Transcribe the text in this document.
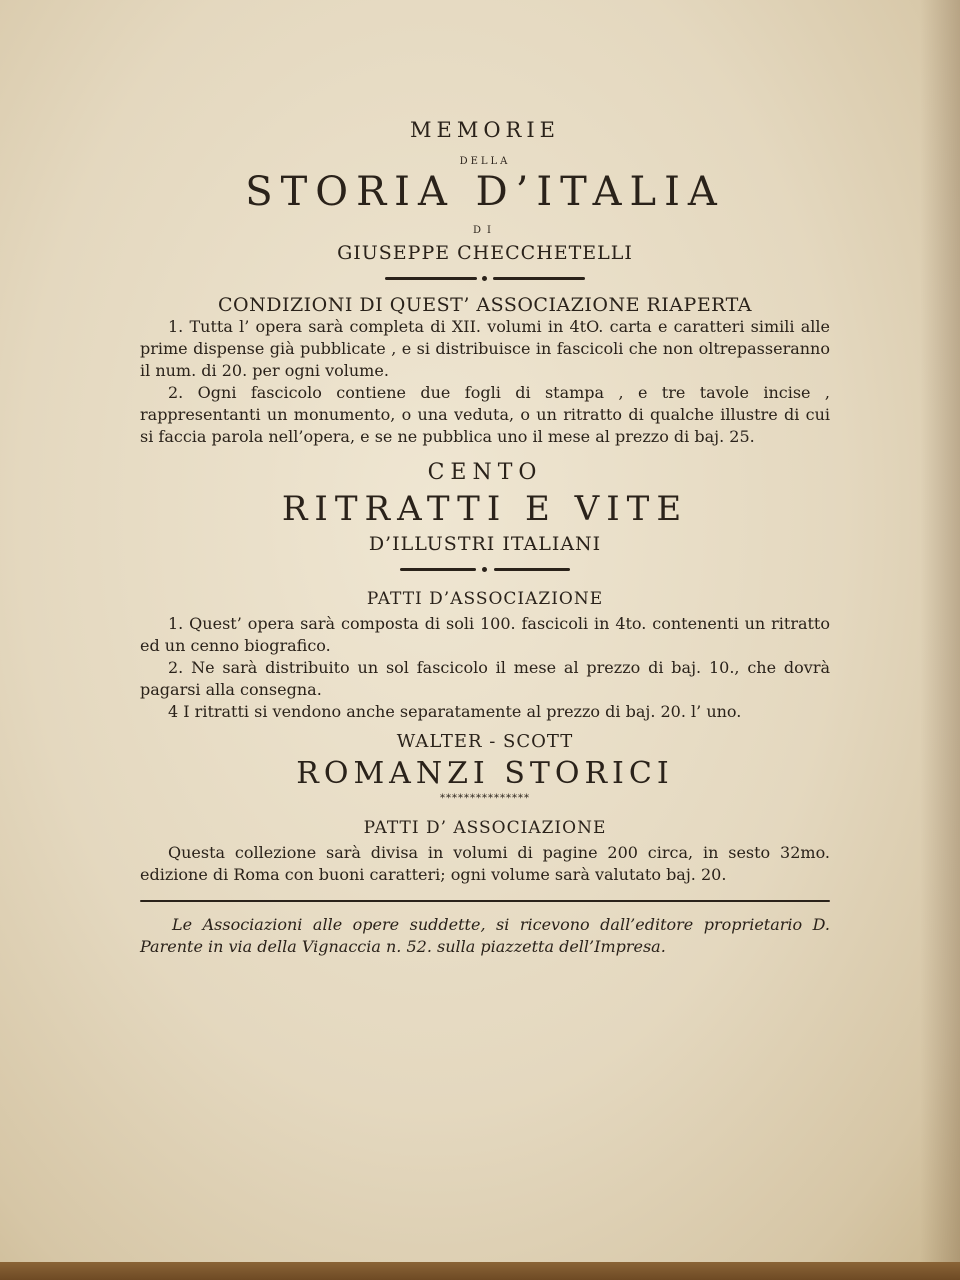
MEMORIE
DELLA
STORIA D’ITALIA
DI
GIUSEPPE CHECCHETELLI
CONDIZIONI DI QUEST’ ASSOCIAZIONE RIAPERTA

1. Tutta l’ opera sarà completa di XII. volumi in 4tO. carta e caratteri simili alle prime dispense già pubblicate , e si distribuisce in fascicoli che non oltrepasseranno il num. di 20. per ogni volume.

2. Ogni fascicolo contiene due fogli di stampa , e tre tavole incise , rappresentanti un monumento, o una veduta, o un ritratto di qualche illustre di cui si faccia parola nell’opera, e se ne pubblica uno il mese al prezzo di baj. 25.

CENTO
RITRATTI E VITE
D’ILLUSTRI ITALIANI
PATTI D’ASSOCIAZIONE

1. Quest’ opera sarà composta di soli 100. fascicoli in 4to. contenenti un ritratto ed un cenno biografico.

2. Ne sarà distribuito un sol fascicolo il mese al prezzo di baj. 10., che dovrà pagarsi alla consegna.

4 I ritratti si vendono anche separatamente al prezzo di baj. 20. l’ uno.

WALTER - SCOTT
ROMANZI STORICI
***************
PATTI D’ ASSOCIAZIONE

Questa collezione sarà divisa in volumi di pagine 200 circa, in sesto 32mo. edizione di Roma con buoni caratteri; ogni volume sarà valutato baj. 20.

Le Associazioni alle opere suddette, si ricevono dall’editore proprietario D. Parente in via della Vignaccia n. 52. sulla piazzetta dell’Impresa.
